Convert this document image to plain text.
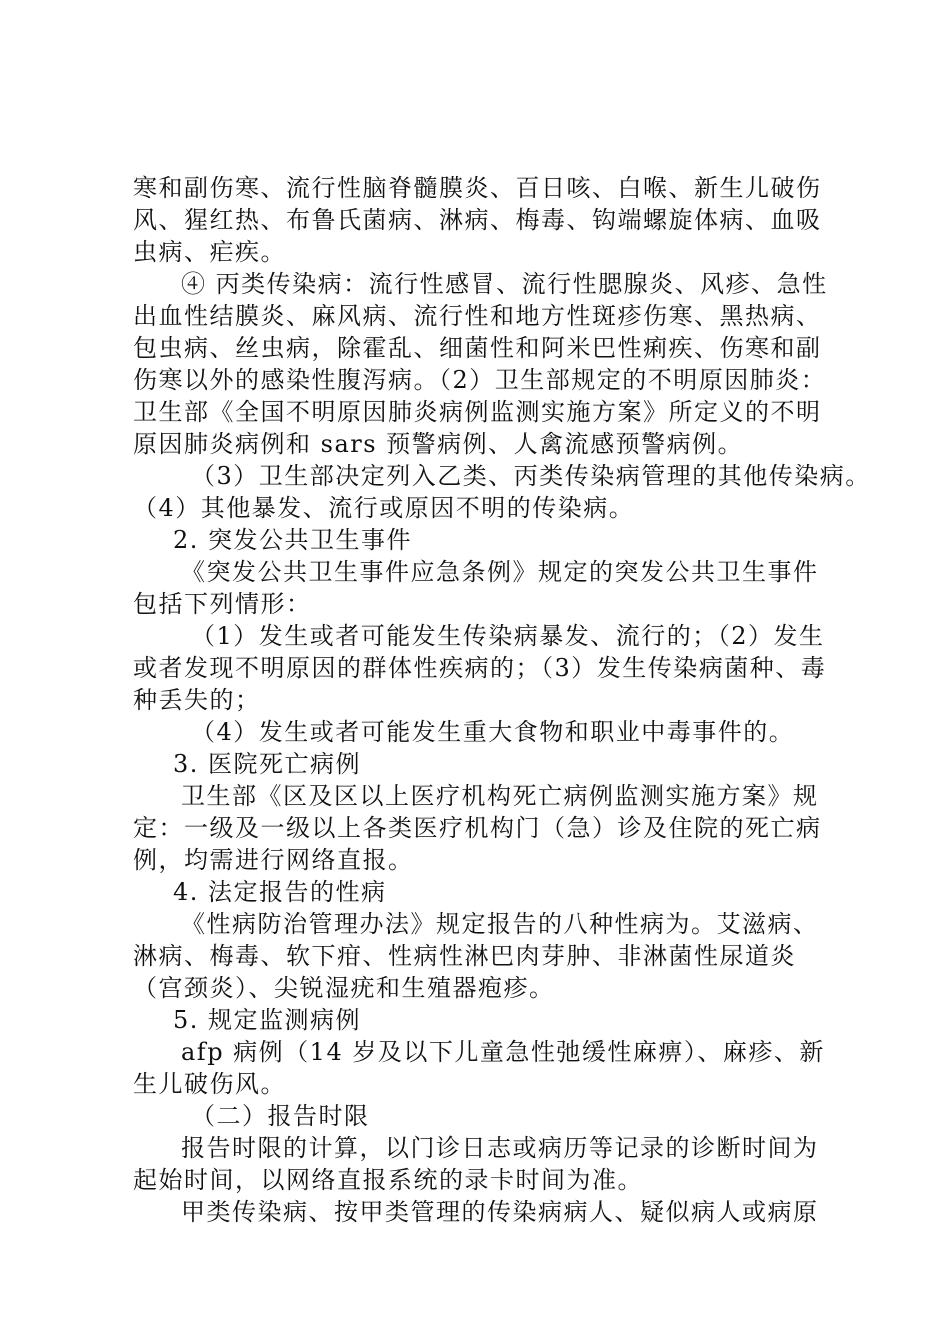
寒和副伤寒、流行性脑脊髓膜炎、百日咳、白喉、新生儿破伤
风、猩红热、布鲁氏菌病、淋病、梅毒、钩端螺旋体病、血吸
虫病、疟疾。
④ 丙类传染病：流行性感冒、流行性腮腺炎、风疹、急性
出血性结膜炎、麻风病、流行性和地方性斑疹伤寒、黑热病、
包虫病、丝虫病，除霍乱、细菌性和阿米巴性痢疾、伤寒和副
伤寒以外的感染性腹泻病。（2）卫生部规定的不明原因肺炎：
卫生部《全国不明原因肺炎病例监测实施方案》所定义的不明
原因肺炎病例和 sars 预警病例、人禽流感预警病例。
（3）卫生部决定列入乙类、丙类传染病管理的其他传染病。
（4）其他暴发、流行或原因不明的传染病。
2. 突发公共卫生事件
《突发公共卫生事件应急条例》规定的突发公共卫生事件
包括下列情形：
（1）发生或者可能发生传染病暴发、流行的；（2）发生
或者发现不明原因的群体性疾病的；（3）发生传染病菌种、毒
种丢失的；
（4）发生或者可能发生重大食物和职业中毒事件的。
3. 医院死亡病例
卫生部《区及区以上医疗机构死亡病例监测实施方案》规
定：一级及一级以上各类医疗机构门（急）诊及住院的死亡病
例，均需进行网络直报。
4. 法定报告的性病
《性病防治管理办法》规定报告的八种性病为。艾滋病、
淋病、梅毒、软下疳、性病性淋巴肉芽肿、非淋菌性尿道炎
（宫颈炎）、尖锐湿疣和生殖器疱疹。
5. 规定监测病例
afp 病例（14 岁及以下儿童急性弛缓性麻痹）、麻疹、新
生儿破伤风。
（二）报告时限
报告时限的计算，以门诊日志或病历等记录的诊断时间为
起始时间，以网络直报系统的录卡时间为准。
甲类传染病、按甲类管理的传染病病人、疑似病人或病原
